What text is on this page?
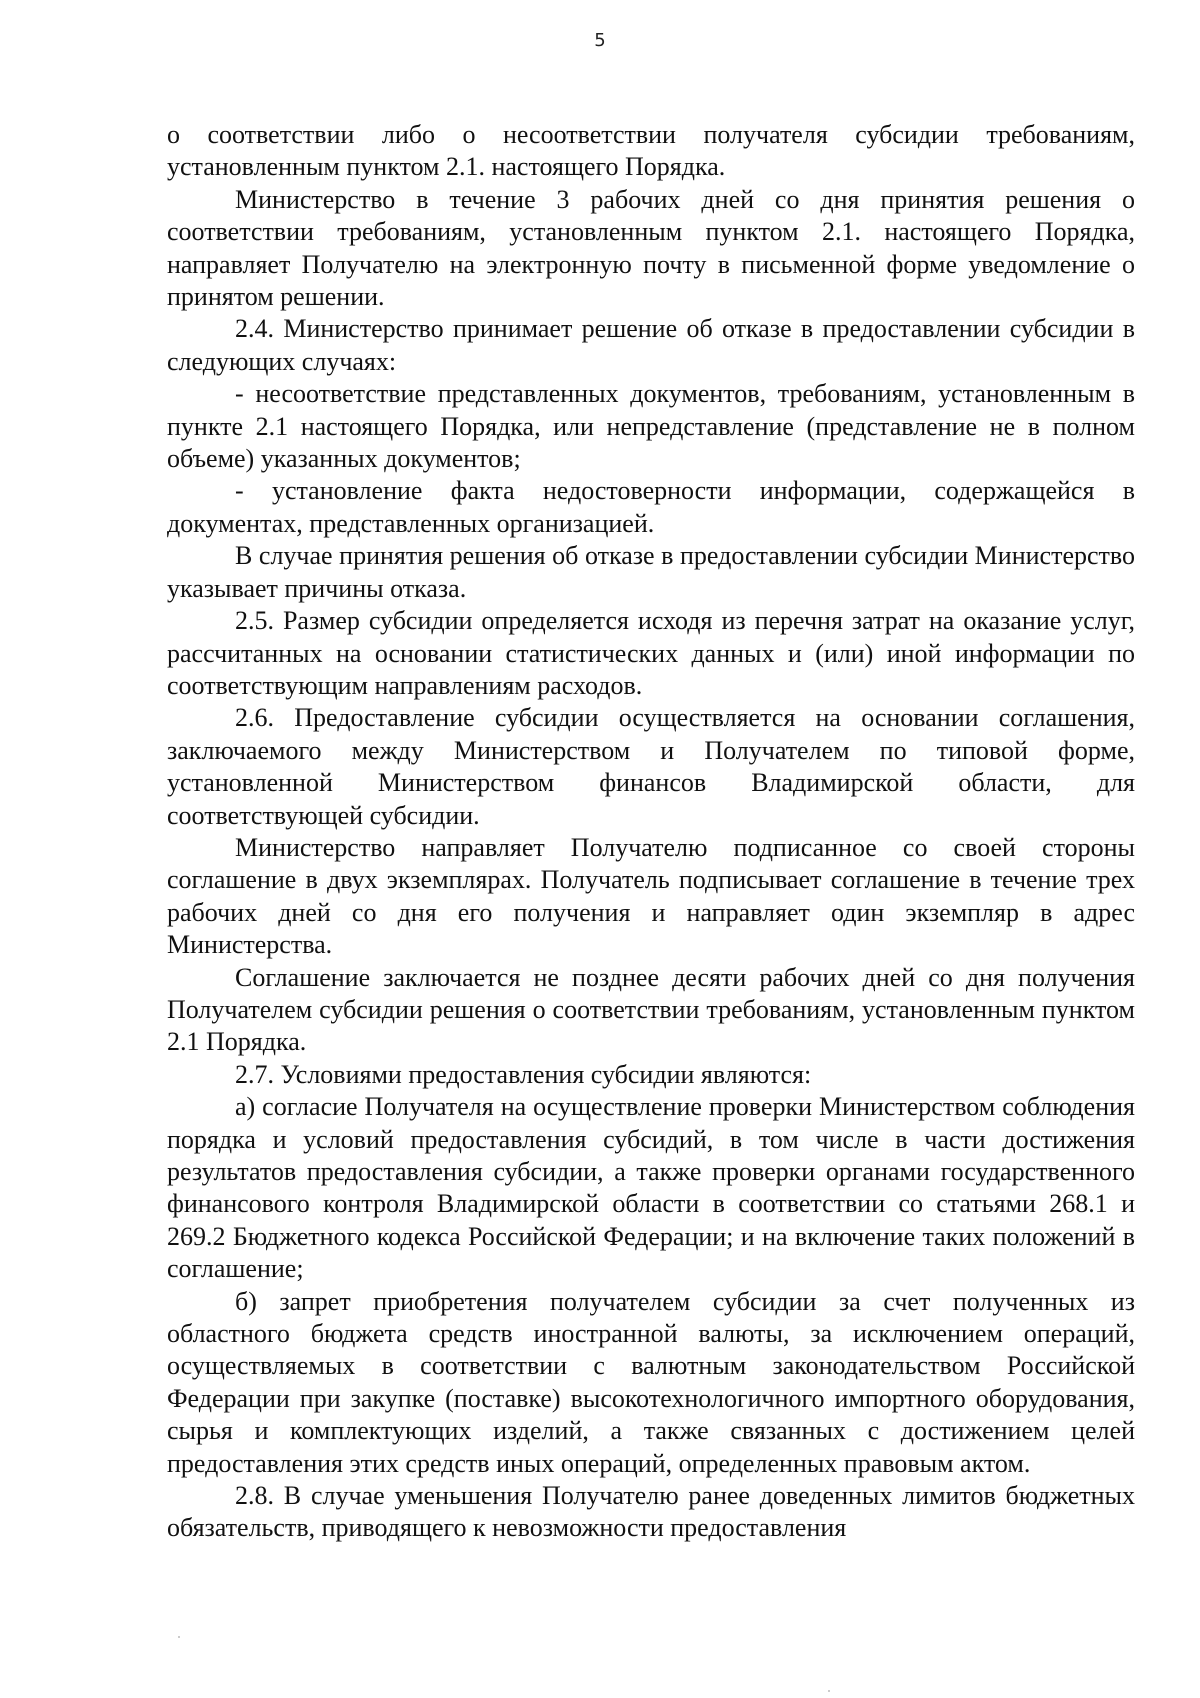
5

о соответствии либо о несоответствии получателя субсидии требованиям, установленным пунктом 2.1. настоящего Порядка.

Министерство в течение 3 рабочих дней со дня принятия решения о соответствии требованиям, установленным пунктом 2.1. настоящего Порядка, направляет Получателю на электронную почту в письменной форме уведомление о принятом решении.

2.4. Министерство принимает решение об отказе в предоставлении субсидии в следующих случаях:

- несоответствие представленных документов, требованиям, установленным в пункте 2.1 настоящего Порядка, или непредставление (представление не в полном объеме) указанных документов;

- установление факта недостоверности информации, содержащейся в документах, представленных организацией.

В случае принятия решения об отказе в предоставлении субсидии Министерство указывает причины отказа.

2.5. Размер субсидии определяется исходя из перечня затрат на оказание услуг, рассчитанных на основании статистических данных и (или) иной информации по соответствующим направлениям расходов.

2.6. Предоставление субсидии осуществляется на основании соглашения, заключаемого между Министерством и Получателем по типовой форме, установленной Министерством финансов Владимирской области, для соответствующей субсидии.

Министерство направляет Получателю подписанное со своей стороны соглашение в двух экземплярах. Получатель подписывает соглашение в течение трех рабочих дней со дня его получения и направляет один экземпляр в адрес Министерства.

Соглашение заключается не позднее десяти рабочих дней со дня получения Получателем субсидии решения о соответствии требованиям, установленным пунктом 2.1 Порядка.

2.7. Условиями предоставления субсидии являются:

а) согласие Получателя на осуществление проверки Министерством соблюдения порядка и условий предоставления субсидий, в том числе в части достижения результатов предоставления субсидии, а также проверки органами государственного финансового контроля Владимирской области в соответствии со статьями 268.1 и 269.2 Бюджетного кодекса Российской Федерации; и на включение таких положений в соглашение;

б) запрет приобретения получателем субсидии за счет полученных из областного бюджета средств иностранной валюты, за исключением операций, осуществляемых в соответствии с валютным законодательством Российской Федерации при закупке (поставке) высокотехнологичного импортного оборудования, сырья и комплектующих изделий, а также связанных с достижением целей предоставления этих средств иных операций, определенных правовым актом.

2.8. В случае уменьшения Получателю ранее доведенных лимитов бюджетных обязательств, приводящего к невозможности предоставления
